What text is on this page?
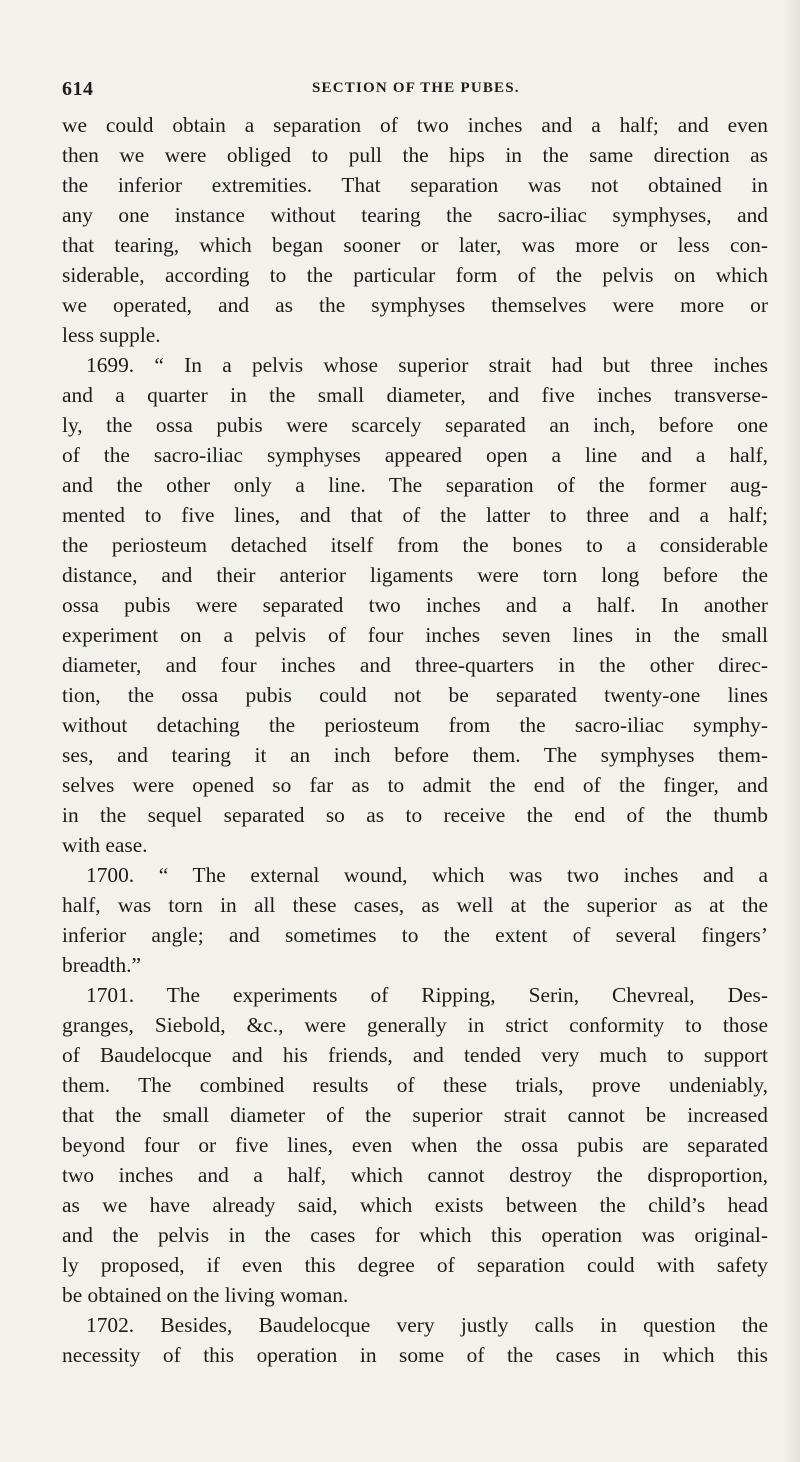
614	SECTION OF THE PUBES.
we could obtain a separation of two inches and a half; and even
then we were obliged to pull the hips in the same direction as
the inferior extremities. That separation was not obtained in
any one instance without tearing the sacro-iliac symphyses, and
that tearing, which began sooner or later, was more or less con-
siderable, according to the particular form of the pelvis on which
we operated, and as the symphyses themselves were more or
less supple.
1699. “ In a pelvis whose superior strait had but three inches
and a quarter in the small diameter, and five inches transverse-
ly, the ossa pubis were scarcely separated an inch, before one
of the sacro-iliac symphyses appeared open a line and a half,
and the other only a line. The separation of the former aug-
mented to five lines, and that of the latter to three and a half;
the periosteum detached itself from the bones to a considerable
distance, and their anterior ligaments were torn long before the
ossa pubis were separated two inches and a half. In another
experiment on a pelvis of four inches seven lines in the small
diameter, and four inches and three-quarters in the other direc-
tion, the ossa pubis could not be separated twenty-one lines
without detaching the periosteum from the sacro-iliac symphy-
ses, and tearing it an inch before them. The symphyses them-
selves were opened so far as to admit the end of the finger, and
in the sequel separated so as to receive the end of the thumb
with ease.
1700. “ The external wound, which was two inches and a
half, was torn in all these cases, as well at the superior as at the
inferior angle; and sometimes to the extent of several fingers’
breadth.”
1701. The experiments of Ripping, Serin, Chevreal, Des-
granges, Siebold, &c., were generally in strict conformity to those
of Baudelocque and his friends, and tended very much to support
them. The combined results of these trials, prove undeniably,
that the small diameter of the superior strait cannot be increased
beyond four or five lines, even when the ossa pubis are separated
two inches and a half, which cannot destroy the disproportion,
as we have already said, which exists between the child’s head
and the pelvis in the cases for which this operation was original-
ly proposed, if even this degree of separation could with safety
be obtained on the living woman.
1702. Besides, Baudelocque very justly calls in question the
necessity of this operation in some of the cases in which this
